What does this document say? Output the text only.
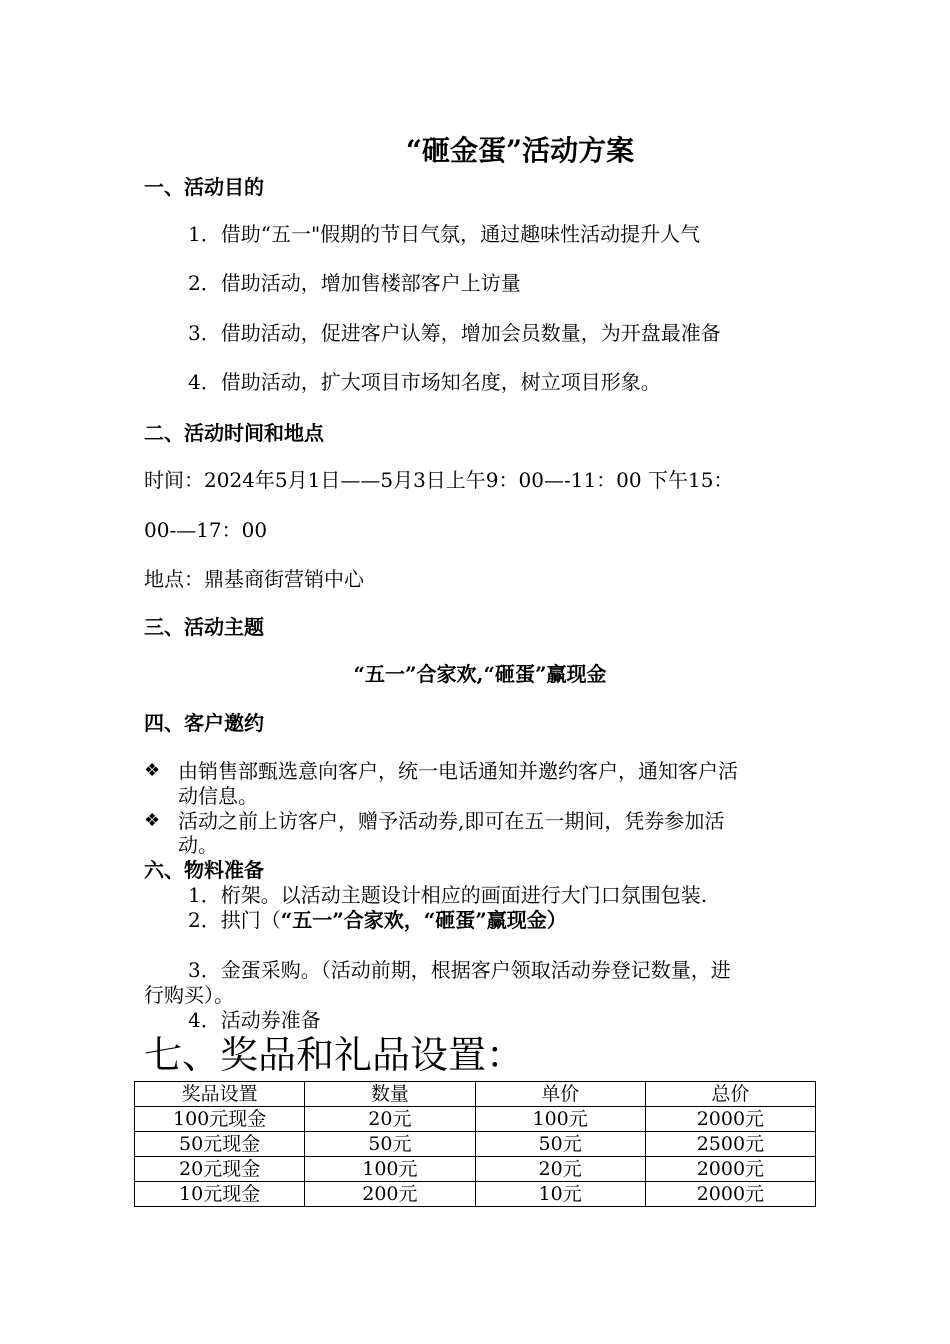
“砸金蛋”活动方案
一、活动目的
1．借助“五一"假期的节日气氛，通过趣味性活动提升人气
2．借助活动，增加售楼部客户上访量
3．借助活动，促进客户认筹，增加会员数量，为开盘最准备
4．借助活动，扩大项目市场知名度，树立项目形象。
二、活动时间和地点
时间：2024年5月1日——5月3日上午9：00—-11：00 下午15：
00-—17：00
地点：鼎基商街营销中心
三、活动主题
“五一”合家欢,“砸蛋”赢现金
四、客户邀约
❖ 由销售部甄选意向客户，统一电话通知并邀约客户，通知客户活
动信息。
❖ 活动之前上访客户，赠予活动券,即可在五一期间，凭券参加活
动。
六、物料准备
1．桁架。以活动主题设计相应的画面进行大门口氛围包装.
2．拱门（“五一”合家欢，“砸蛋”赢现金）
3．金蛋采购。（活动前期，根据客户领取活动券登记数量，进
行购买）。
4．活动券准备
七、奖品和礼品设置：
奖品设置	数量	单价	总价
100元现金	20元	100元	2000元
50元现金	50元	50元	2500元
20元现金	100元	20元	2000元
10元现金	200元	10元	2000元
